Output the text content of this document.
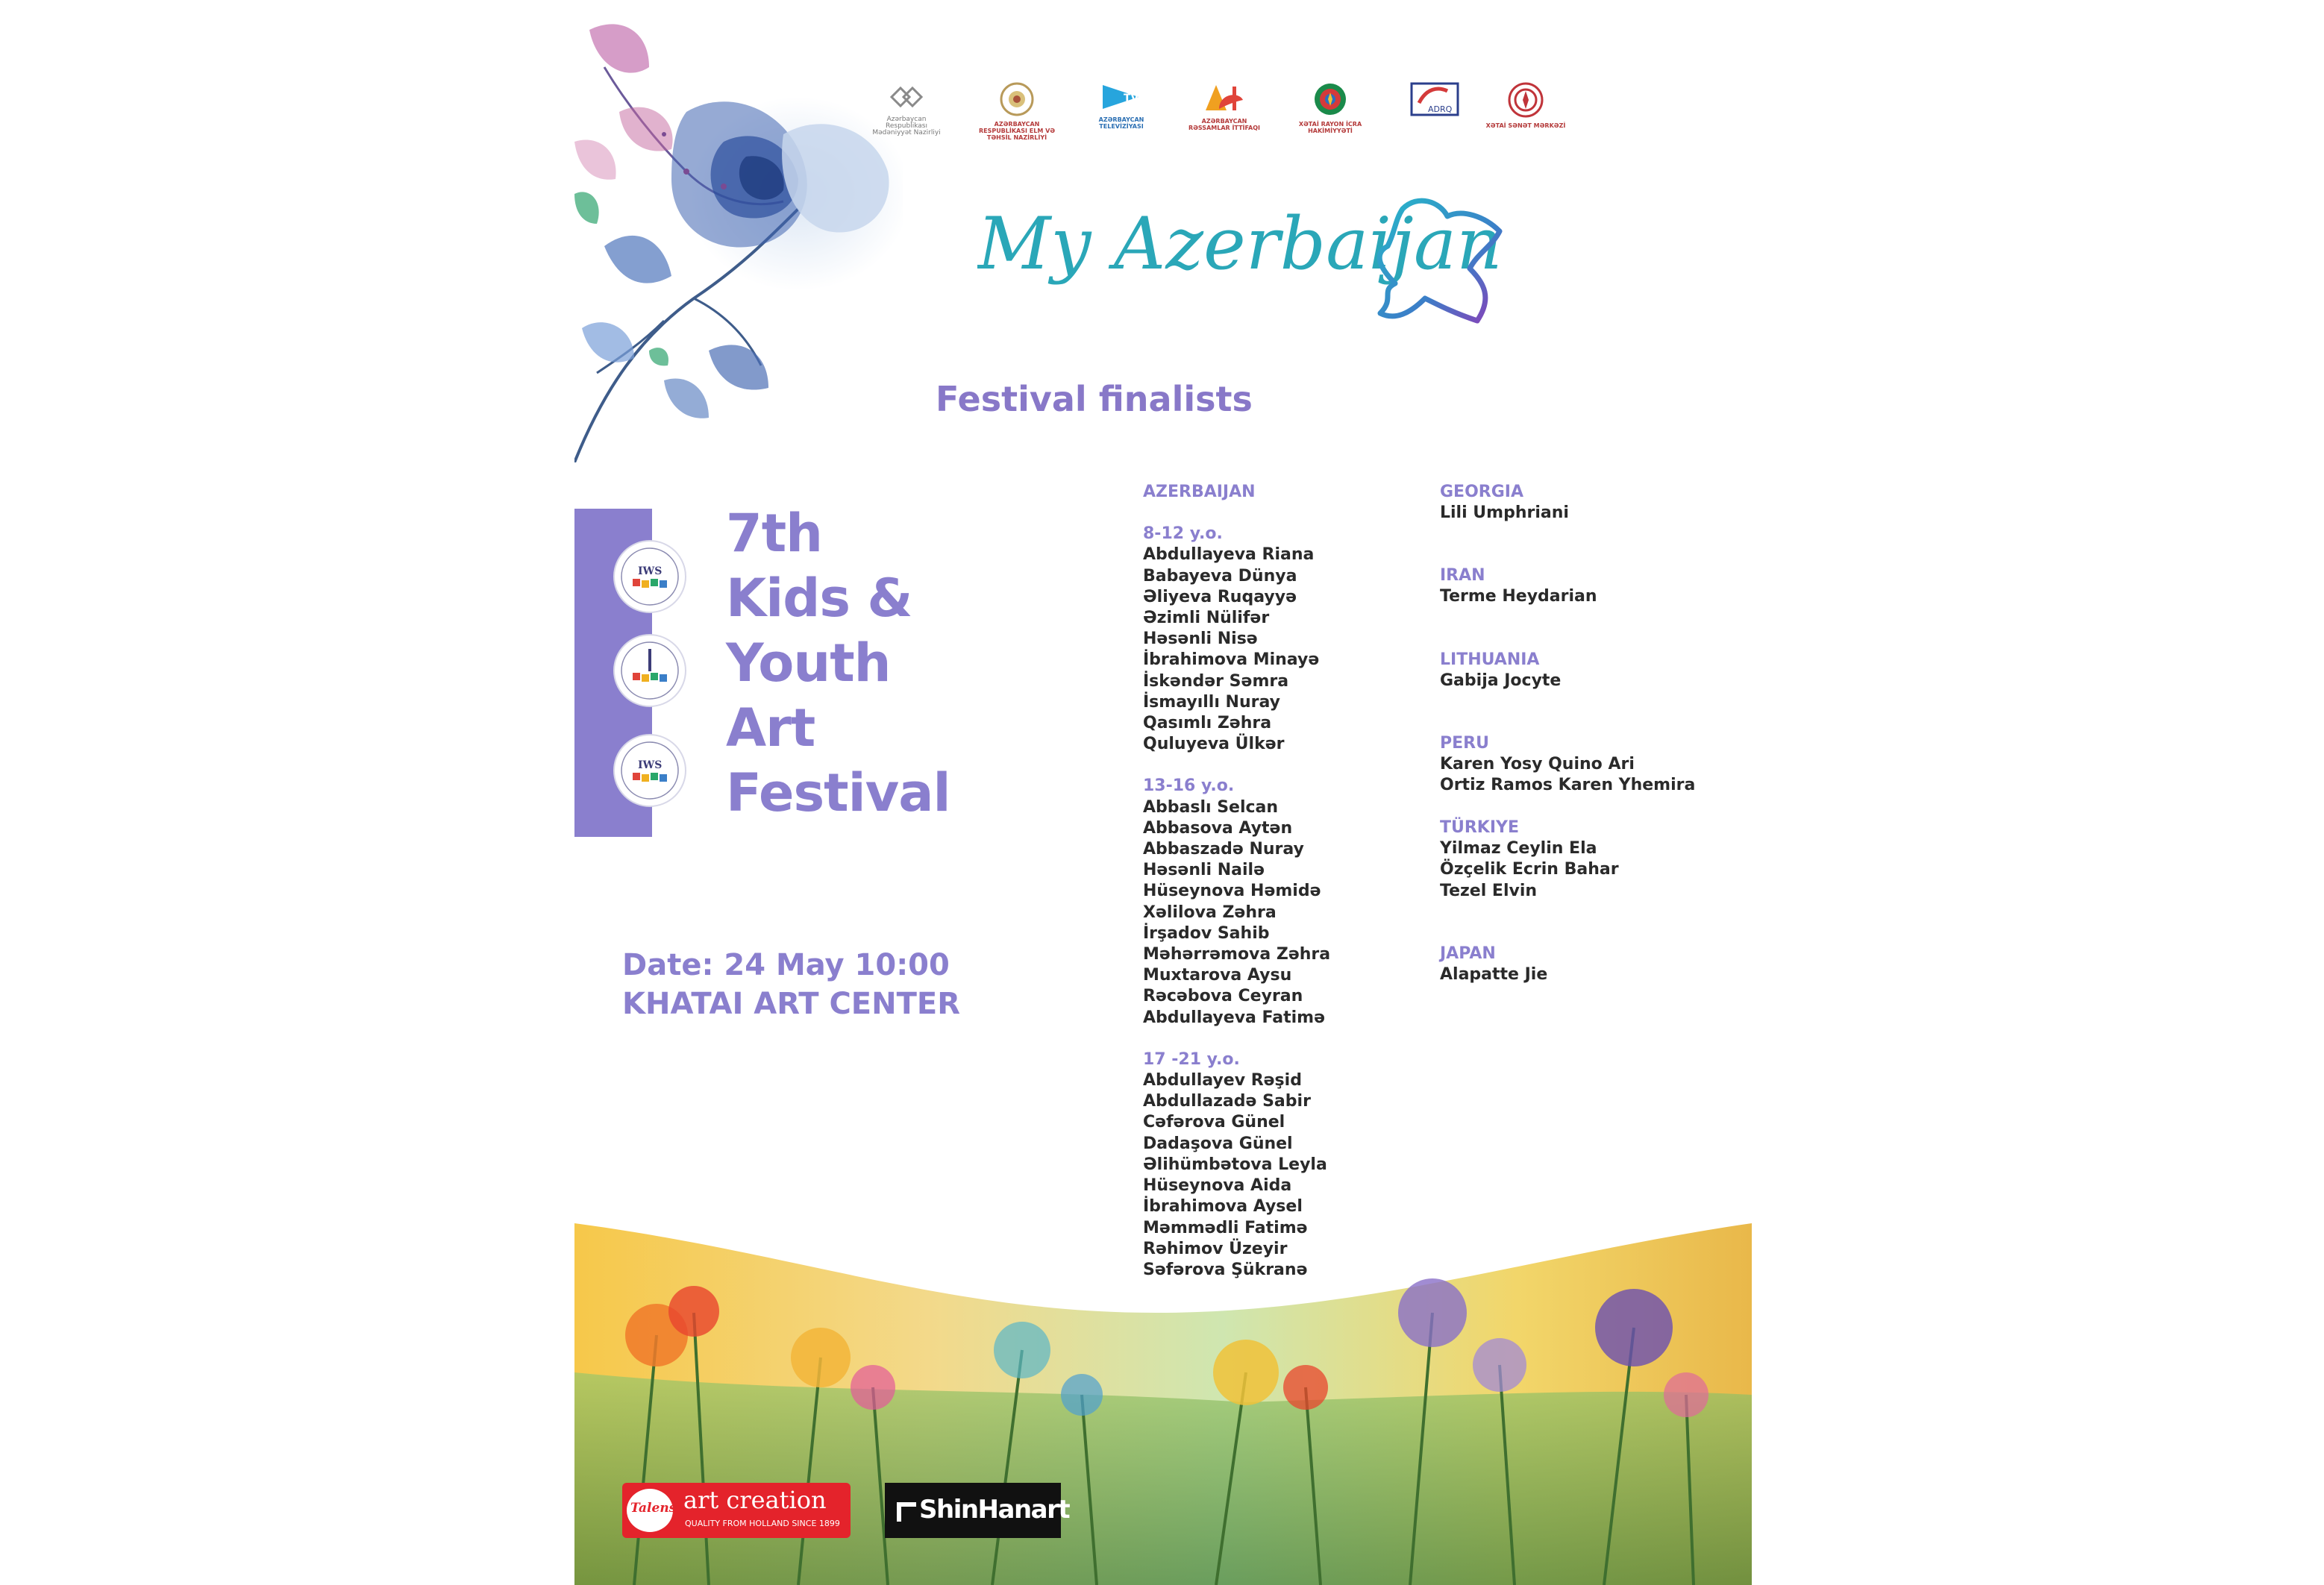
Azərbaycan Respublikası Mədəniyyət Nazirliyi
AZƏRBAYCAN RESPUBLİKASI ELM VƏ TƏHSİL NAZİRLİYİ
TV
AZƏRBAYCAN TELEVİZİYASI
AZƏRBAYCAN RƏSSAMLAR İTTİFAQI
XƏTAİ RAYON İCRA HAKİMİYYƏTİ
ADRQ
XƏTAİ SƏNƏT MƏRKƏZİ
My Azerbaijan
Festival finalists
IWS
IWS
7th
Kids &
Youth
Art
Festival
Date: 24 May 10:00
KHATAI ART CENTER
AZERBAIJAN
8-12 y.o.
Abdullayeva Riana
Babayeva Dünya
Əliyeva Ruqayyə
Əzimli Nülifər
Həsənli Nisə
İbrahimova Minayə
İskəndər Səmra
İsmayıllı Nuray
Qasımlı Zəhra
Quluyeva Ülkər
13-16 y.o.
Abbaslı Selcan
Abbasova Aytən
Abbaszadə Nuray
Həsənli Nailə
Hüseynova Həmidə
Xəlilova Zəhra
İrşadov Sahib
Məhərrəmova Zəhra
Muxtarova Aysu
Rəcəbova Ceyran
Abdullayeva Fatimə
17 -21 y.o.
Abdullayev Rəşid
Abdullazadə Sabir
Cəfərova Günel
Dadaşova Günel
Əlihümbətova Leyla
Hüseynova Aida
İbrahimova Aysel
Məmmədli Fatimə
Rəhimov Üzeyir
Səfərova Şükranə
GEORGIA
Lili Umphriani
IRAN
Terme Heydarian
LITHUANIA
Gabija Jocyte
PERU
Karen Yosy Quino Ari
Ortiz Ramos Karen Yhemira
TÜRKIYE
Yilmaz Ceylin Ela
Özçelik Ecrin Bahar
Tezel Elvin
JAPAN
Alapatte Jie
Talens art creation
QUALITY FROM HOLLAND SINCE 1899	ShinHanart
